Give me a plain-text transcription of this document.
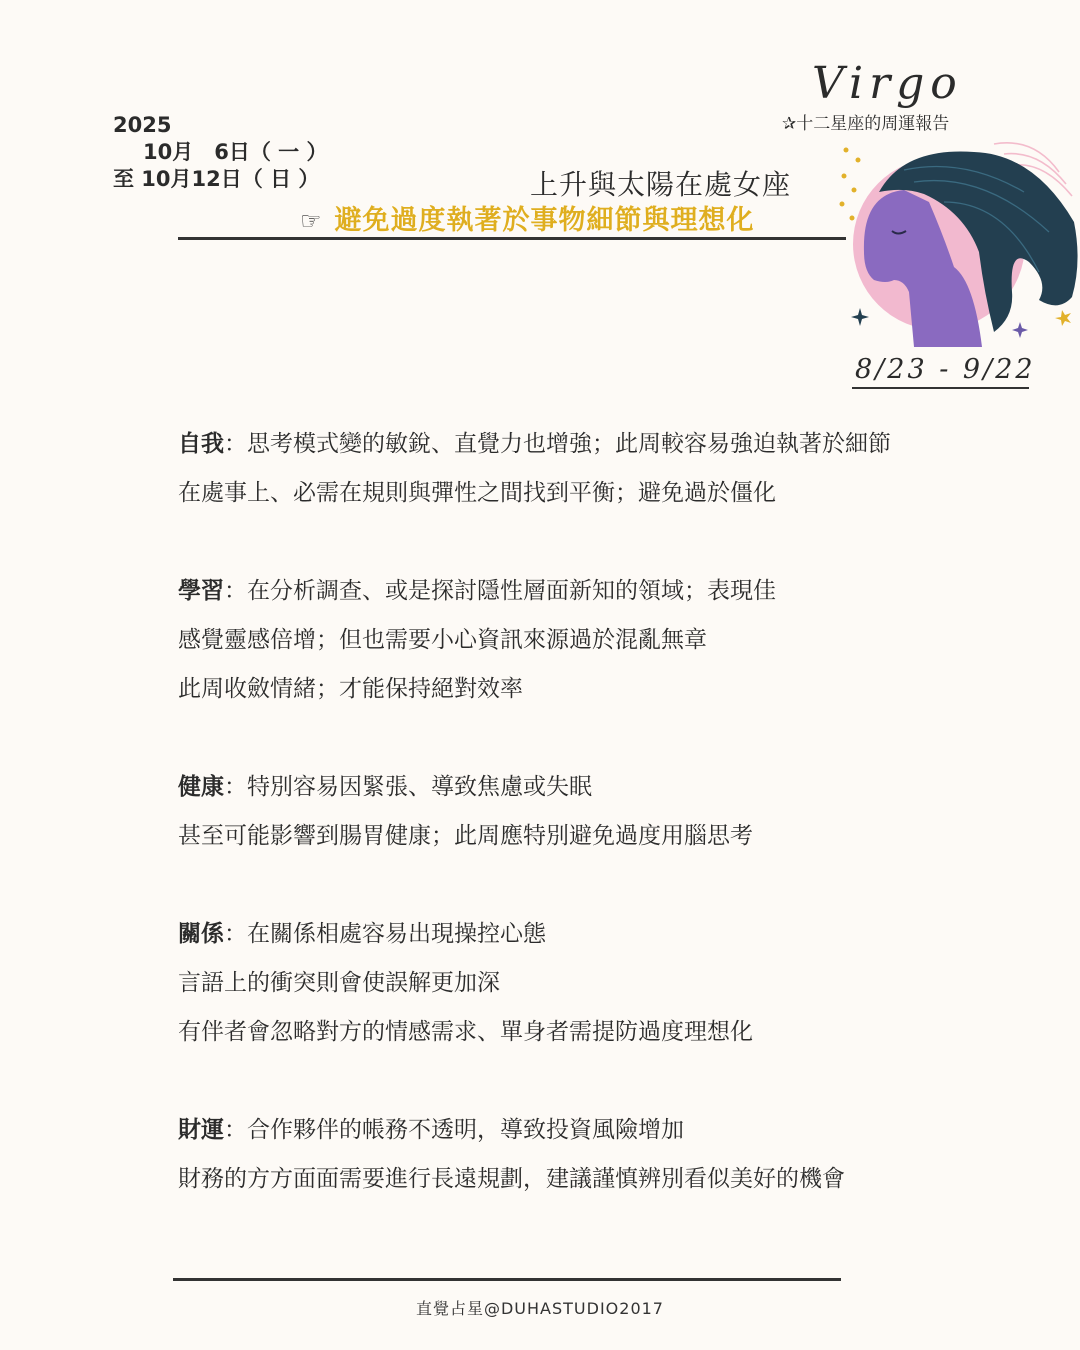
2025
10月　6日（ 一 ）
至 10月12日（ 日 ）	上升與太陽在處女座
☞ 避免過度執著於事物細節與理想化
Virgo
✰十二星座的周運報告
8/23 - 9/22
自我：思考模式變的敏銳、直覺力也增強；此周較容易強迫執著於細節
在處事上、必需在規則與彈性之間找到平衡；避免過於僵化
學習：在分析調查、或是探討隱性層面新知的領域；表現佳
感覺靈感倍增；但也需要小心資訊來源過於混亂無章
此周收斂情緒；才能保持絕對效率
健康：特別容易因緊張、導致焦慮或失眠
甚至可能影響到腸胃健康；此周應特別避免過度用腦思考
關係：在關係相處容易出現操控心態
言語上的衝突則會使誤解更加深
有伴者會忽略對方的情感需求、單身者需提防過度理想化
財運：合作夥伴的帳務不透明，導致投資風險增加
財務的方方面面需要進行長遠規劃，建議謹慎辨別看似美好的機會
直覺占星@DUHASTUDIO2017
